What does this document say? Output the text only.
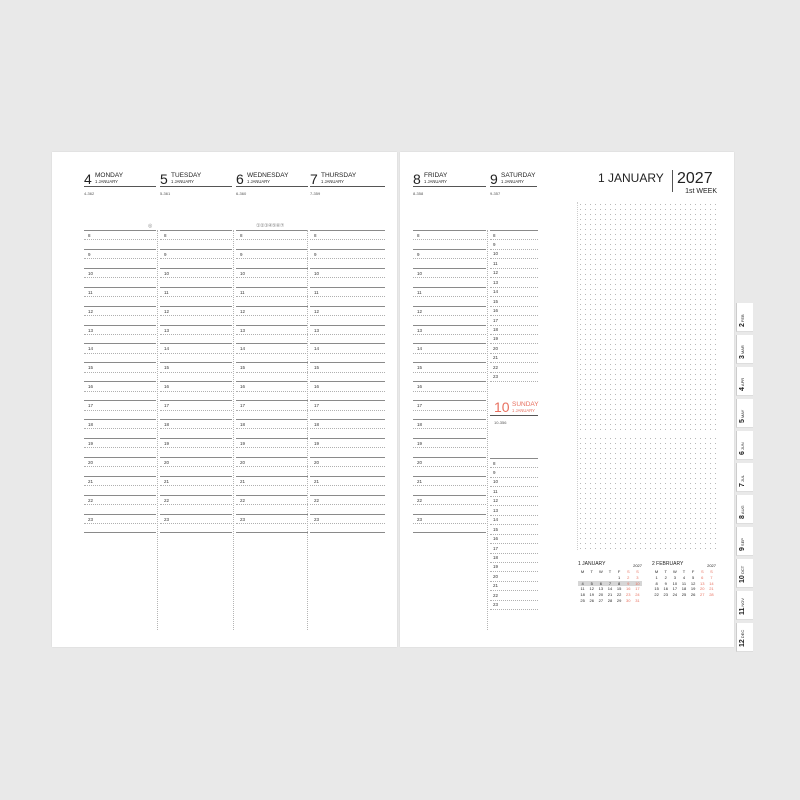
4 MONDAY
1 JANUARY
4-362
◎
8
9
10
11
12
13
14
15
16
17
18
19
20
21
22
23
5 TUESDAY
1 JANUARY
5-361
8
9
10
11
12
13
14
15
16
17
18
19
20
21
22
23
6 WEDNESDAY
1 JANUARY
6-360
①②③④⑤⑥⑦
8
9
10
11
12
13
14
15
16
17
18
19
20
21
22
23
7 THURSDAY
1 JANUARY
7-359
8
9
10
11
12
13
14
15
16
17
18
19
20
21
22
23
8 FRIDAY
1 JANUARY
8-358
9 SATURDAY
1 JANUARY
9-357
8
9
10
11
12
13
14
15
16
17
18
19
20
21
22
23
8
9
10
11
12
13
14
15
16
17
18
19
20
21
22
23
10 SUNDAY
1 JANUARY
10-356
8
9
10
11
12
13
14
15
16
17
18
19
20
21
22
23
1 JANUARY 2027
1st WEEK
1 JANUARY	2027
M	T	W	T	F	S	S
				1	2	3
4	5	6	7	8	9	10
11	12	13	14	15	16	17
18	19	20	21	22	23	24
25	26	27	28	29	30	31
2 FEBRUARY	2027
M	T	W	T	F	S	S
1	2	3	4	5	6	7
8	9	10	11	12	13	14
15	16	17	18	19	20	21
22	23	24	25	26	27	28
2FEB
3MAR
4APR
5MAY
6JUN
7JUL
8AUG
9SEP
10OCT
11NOV
12DEC
